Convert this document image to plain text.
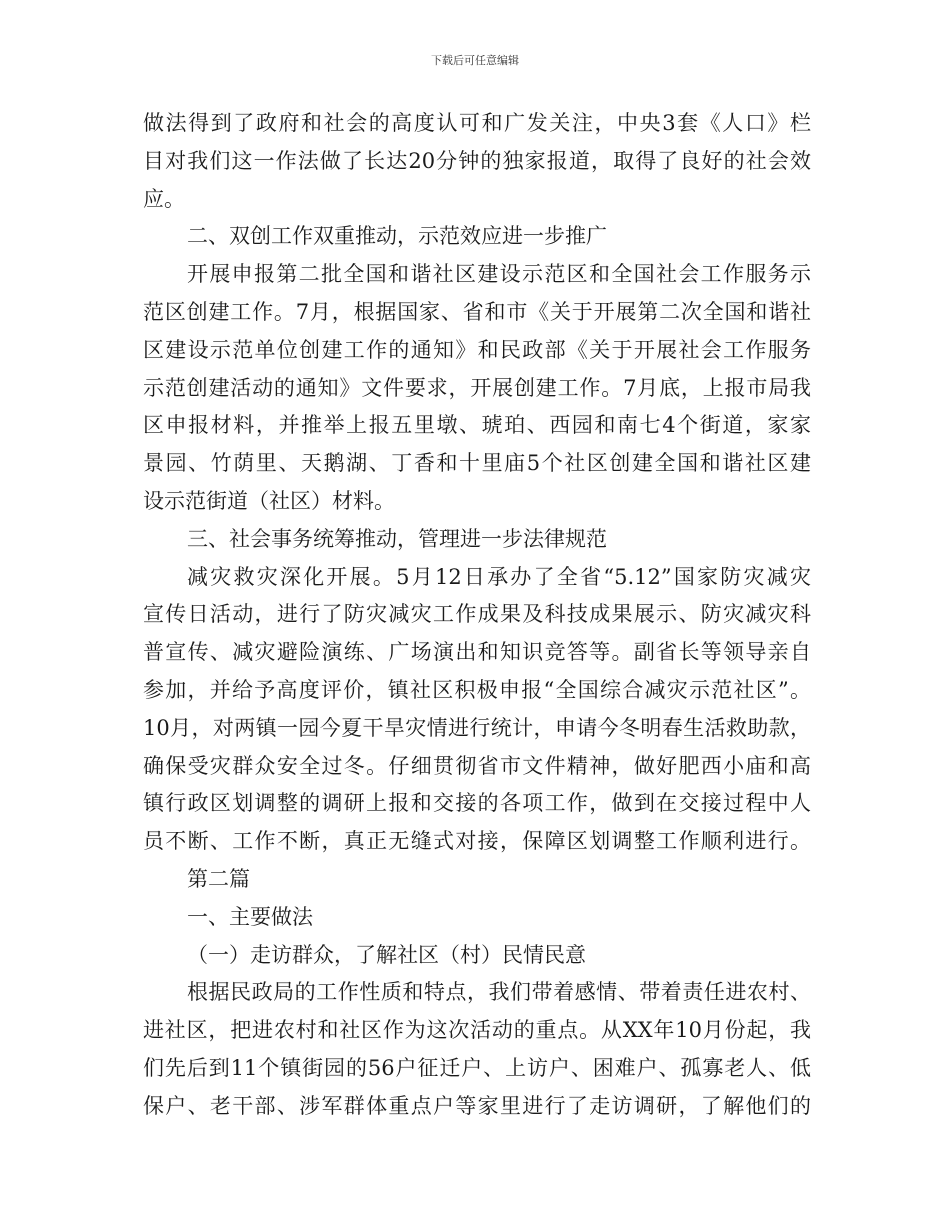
下载后可任意编辑
做法得到了政府和社会的高度认可和广发关注，中央3套《人口》栏
目对我们这一作法做了长达20分钟的独家报道，取得了良好的社会效
应。
二、双创工作双重推动，示范效应进一步推广
开展申报第二批全国和谐社区建设示范区和全国社会工作服务示
范区创建工作。7月，根据国家、省和市《关于开展第二次全国和谐社
区建设示范单位创建工作的通知》和民政部《关于开展社会工作服务
示范创建活动的通知》文件要求，开展创建工作。7月底，上报市局我
区申报材料，并推举上报五里墩、琥珀、西园和南七4个街道，家家
景园、竹荫里、天鹅湖、丁香和十里庙5个社区创建全国和谐社区建
设示范街道（社区）材料。
三、社会事务统筹推动，管理进一步法律规范
减灾救灾深化开展。5月12日承办了全省“5.12”国家防灾减灾
宣传日活动，进行了防灾减灾工作成果及科技成果展示、防灾减灾科
普宣传、减灾避险演练、广场演出和知识竞答等。副省长等领导亲自
参加，并给予高度评价，镇社区积极申报“全国综合减灾示范社区”。
10月，对两镇一园今夏干旱灾情进行统计，申请今冬明春生活救助款，
确保受灾群众安全过冬。仔细贯彻省市文件精神，做好肥西小庙和高
镇行政区划调整的调研上报和交接的各项工作，做到在交接过程中人
员不断、工作不断，真正无缝式对接，保障区划调整工作顺利进行。
第二篇
一、主要做法
（一）走访群众，了解社区（村）民情民意
根据民政局的工作性质和特点，我们带着感情、带着责任进农村、
进社区，把进农村和社区作为这次活动的重点。从XX年10月份起，我
们先后到11个镇街园的56户征迁户、上访户、困难户、孤寡老人、低
保户、老干部、涉军群体重点户等家里进行了走访调研，了解他们的
